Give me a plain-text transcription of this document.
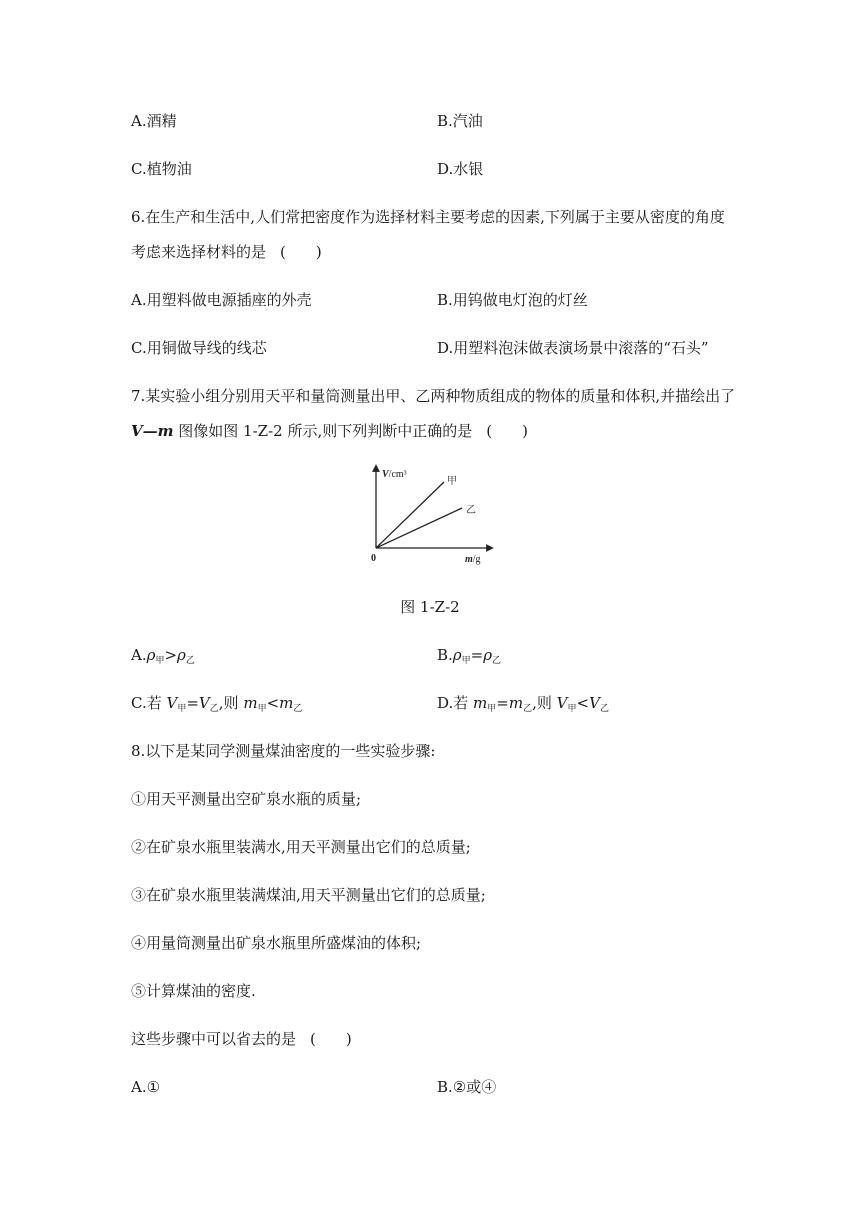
A.酒精	B.汽油
C.植物油	D.水银
6.在生产和生活中,人们常把密度作为选择材料主要考虑的因素,下列属于主要从密度的角度
考虑来选择材料的是 (　　)
A.用塑料做电源插座的外壳	B.用钨做电灯泡的灯丝
C.用铜做导线的线芯	D.用塑料泡沫做表演场景中滚落的“石头”
7.某实验小组分别用天平和量筒测量出甲、乙两种物质组成的物体的质量和体积,并描绘出了
V—m 图像如图 1-Z-2 所示,则下列判断中正确的是 (　　)
V/cm³
m/g
0
甲
乙
图 1-Z-2
$A.\rho_甲>\rho_乙$	$B.\rho_甲=\rho_乙$
C.若 $V_甲=V_乙$,则 $m_甲<m_乙$	D.若 $m_甲=m_乙$,则 $V_甲<V_乙$
8.以下是某同学测量煤油密度的一些实验步骤:
①用天平测量出空矿泉水瓶的质量;
②在矿泉水瓶里装满水,用天平测量出它们的总质量;
③在矿泉水瓶里装满煤油,用天平测量出它们的总质量;
④用量筒测量出矿泉水瓶里所盛煤油的体积;
⑤计算煤油的密度.
这些步骤中可以省去的是 (　　)
A.①	B.②或④
